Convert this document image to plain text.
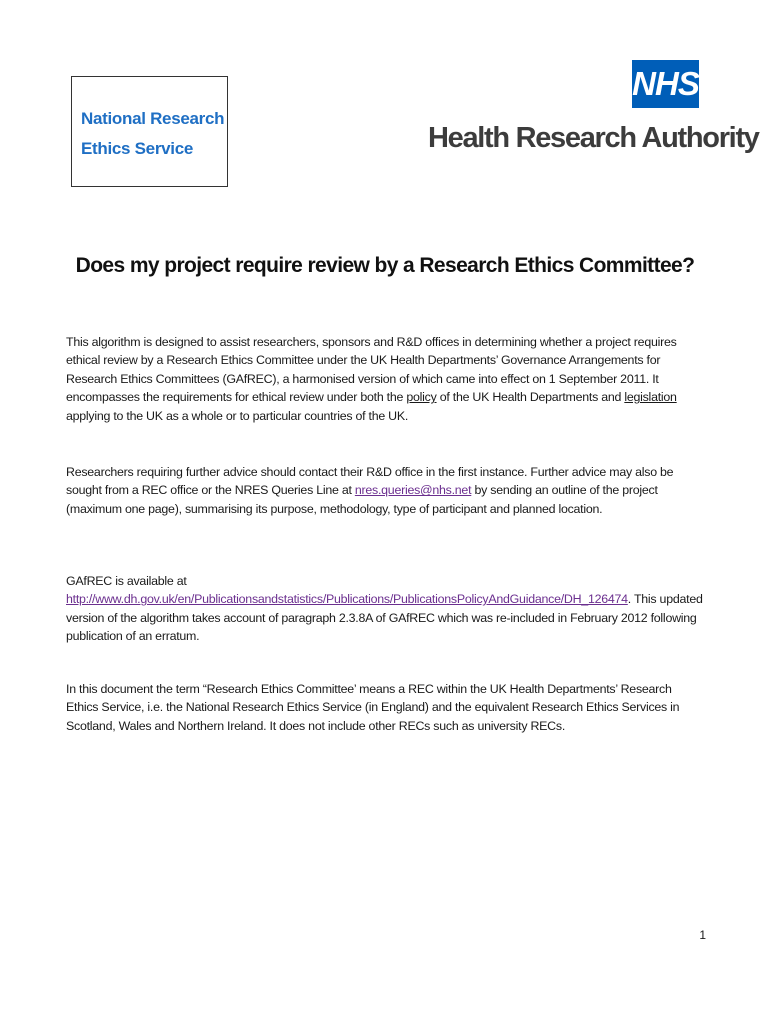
National Research
Ethics Service
NHS
Health Research Authority
Does my project require review by a Research Ethics Committee?

This algorithm is designed to assist researchers, sponsors and R&D offices in determining whether a project requires ethical review by a Research Ethics Committee under the UK Health Departments’ Governance Arrangements for Research Ethics Committees (GAfREC), a harmonised version of which came into effect on 1 September 2011. It encompasses the requirements for ethical review under both the policy of the UK Health Departments and legislation applying to the UK as a whole or to particular countries of the UK.

Researchers requiring further advice should contact their R&D office in the first instance. Further advice may also be sought from a REC office or the NRES Queries Line at nres.queries@nhs.net by sending an outline of the project (maximum one page), summarising its purpose, methodology, type of participant and planned location.

GAfREC is available at http://www.dh.gov.uk/en/Publicationsandstatistics/Publications/PublicationsPolicyAndGuidance/DH_126474. This updated version of the algorithm takes account of paragraph 2.3.8A of GAfREC which was re-included in February 2012 following publication of an erratum.

In this document the term “Research Ethics Committee’ means a REC within the UK Health Departments’ Research Ethics Service, i.e. the National Research Ethics Service (in England) and the equivalent Research Ethics Services in Scotland, Wales and Northern Ireland. It does not include other RECs such as university RECs.

1
